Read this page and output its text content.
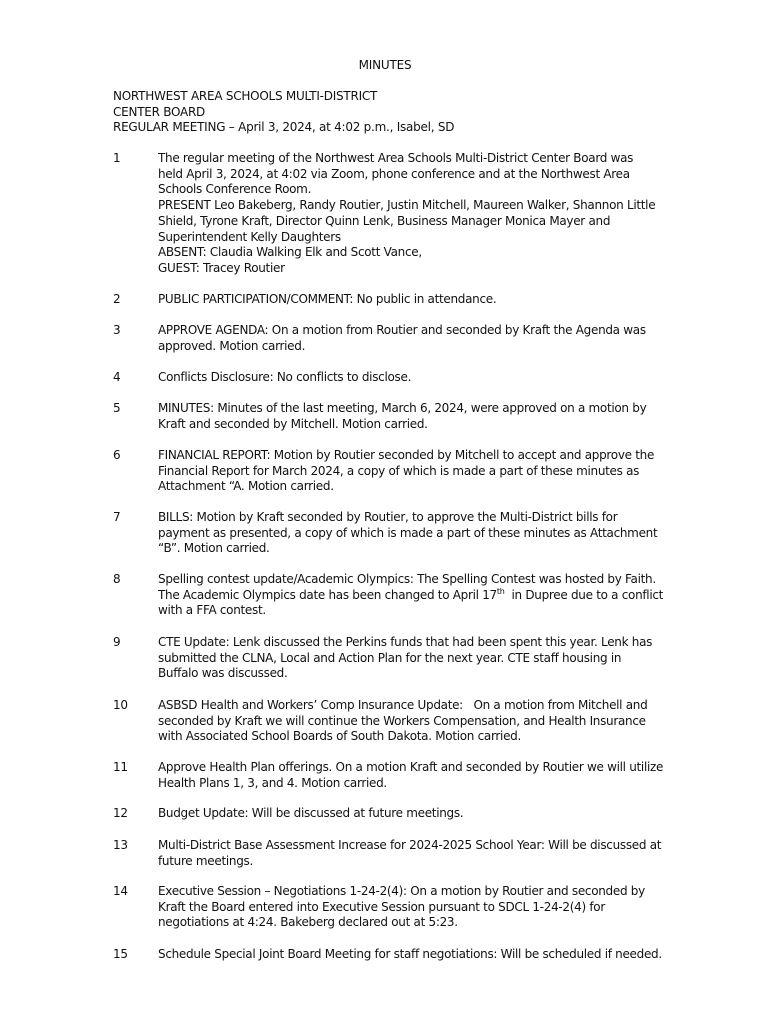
MINUTES
NORTHWEST AREA SCHOOLS MULTI-DISTRICT
CENTER BOARD
REGULAR MEETING – April 3, 2024, at 4:02 p.m., Isabel, SD
1	The regular meeting of the Northwest Area Schools Multi-District Center Board was
held April 3, 2024, at 4:02 via Zoom, phone conference and at the Northwest Area
Schools Conference Room.
PRESENT Leo Bakeberg, Randy Routier, Justin Mitchell, Maureen Walker, Shannon Little
Shield, Tyrone Kraft, Director Quinn Lenk, Business Manager Monica Mayer and
Superintendent Kelly Daughters
ABSENT: Claudia Walking Elk and Scott Vance,
GUEST: Tracey Routier
2	PUBLIC PARTICIPATION/COMMENT: No public in attendance.
3	APPROVE AGENDA: On a motion from Routier and seconded by Kraft the Agenda was
approved. Motion carried.
4	Conflicts Disclosure: No conflicts to disclose.
5	MINUTES: Minutes of the last meeting, March 6, 2024, were approved on a motion by
Kraft and seconded by Mitchell. Motion carried.
6	FINANCIAL REPORT: Motion by Routier seconded by Mitchell to accept and approve the
Financial Report for March 2024, a copy of which is made a part of these minutes as
Attachment “A. Motion carried.
7	BILLS: Motion by Kraft seconded by Routier, to approve the Multi-District bills for
payment as presented, a copy of which is made a part of these minutes as Attachment
“B”. Motion carried.
8	Spelling contest update/Academic Olympics: The Spelling Contest was hosted by Faith.
The Academic Olympics date has been changed to April 17th  in Dupree due to a conflict
with a FFA contest.
9	CTE Update: Lenk discussed the Perkins funds that had been spent this year. Lenk has
submitted the CLNA, Local and Action Plan for the next year. CTE staff housing in
Buffalo was discussed.
10	ASBSD Health and Workers’ Comp Insurance Update:   On a motion from Mitchell and
seconded by Kraft we will continue the Workers Compensation, and Health Insurance
with Associated School Boards of South Dakota. Motion carried.
11	Approve Health Plan offerings. On a motion Kraft and seconded by Routier we will utilize
Health Plans 1, 3, and 4. Motion carried.
12	Budget Update: Will be discussed at future meetings.
13	Multi-District Base Assessment Increase for 2024-2025 School Year: Will be discussed at
future meetings.
14	Executive Session – Negotiations 1-24-2(4): On a motion by Routier and seconded by
Kraft the Board entered into Executive Session pursuant to SDCL 1-24-2(4) for
negotiations at 4:24. Bakeberg declared out at 5:23.
15	Schedule Special Joint Board Meeting for staff negotiations: Will be scheduled if needed.
